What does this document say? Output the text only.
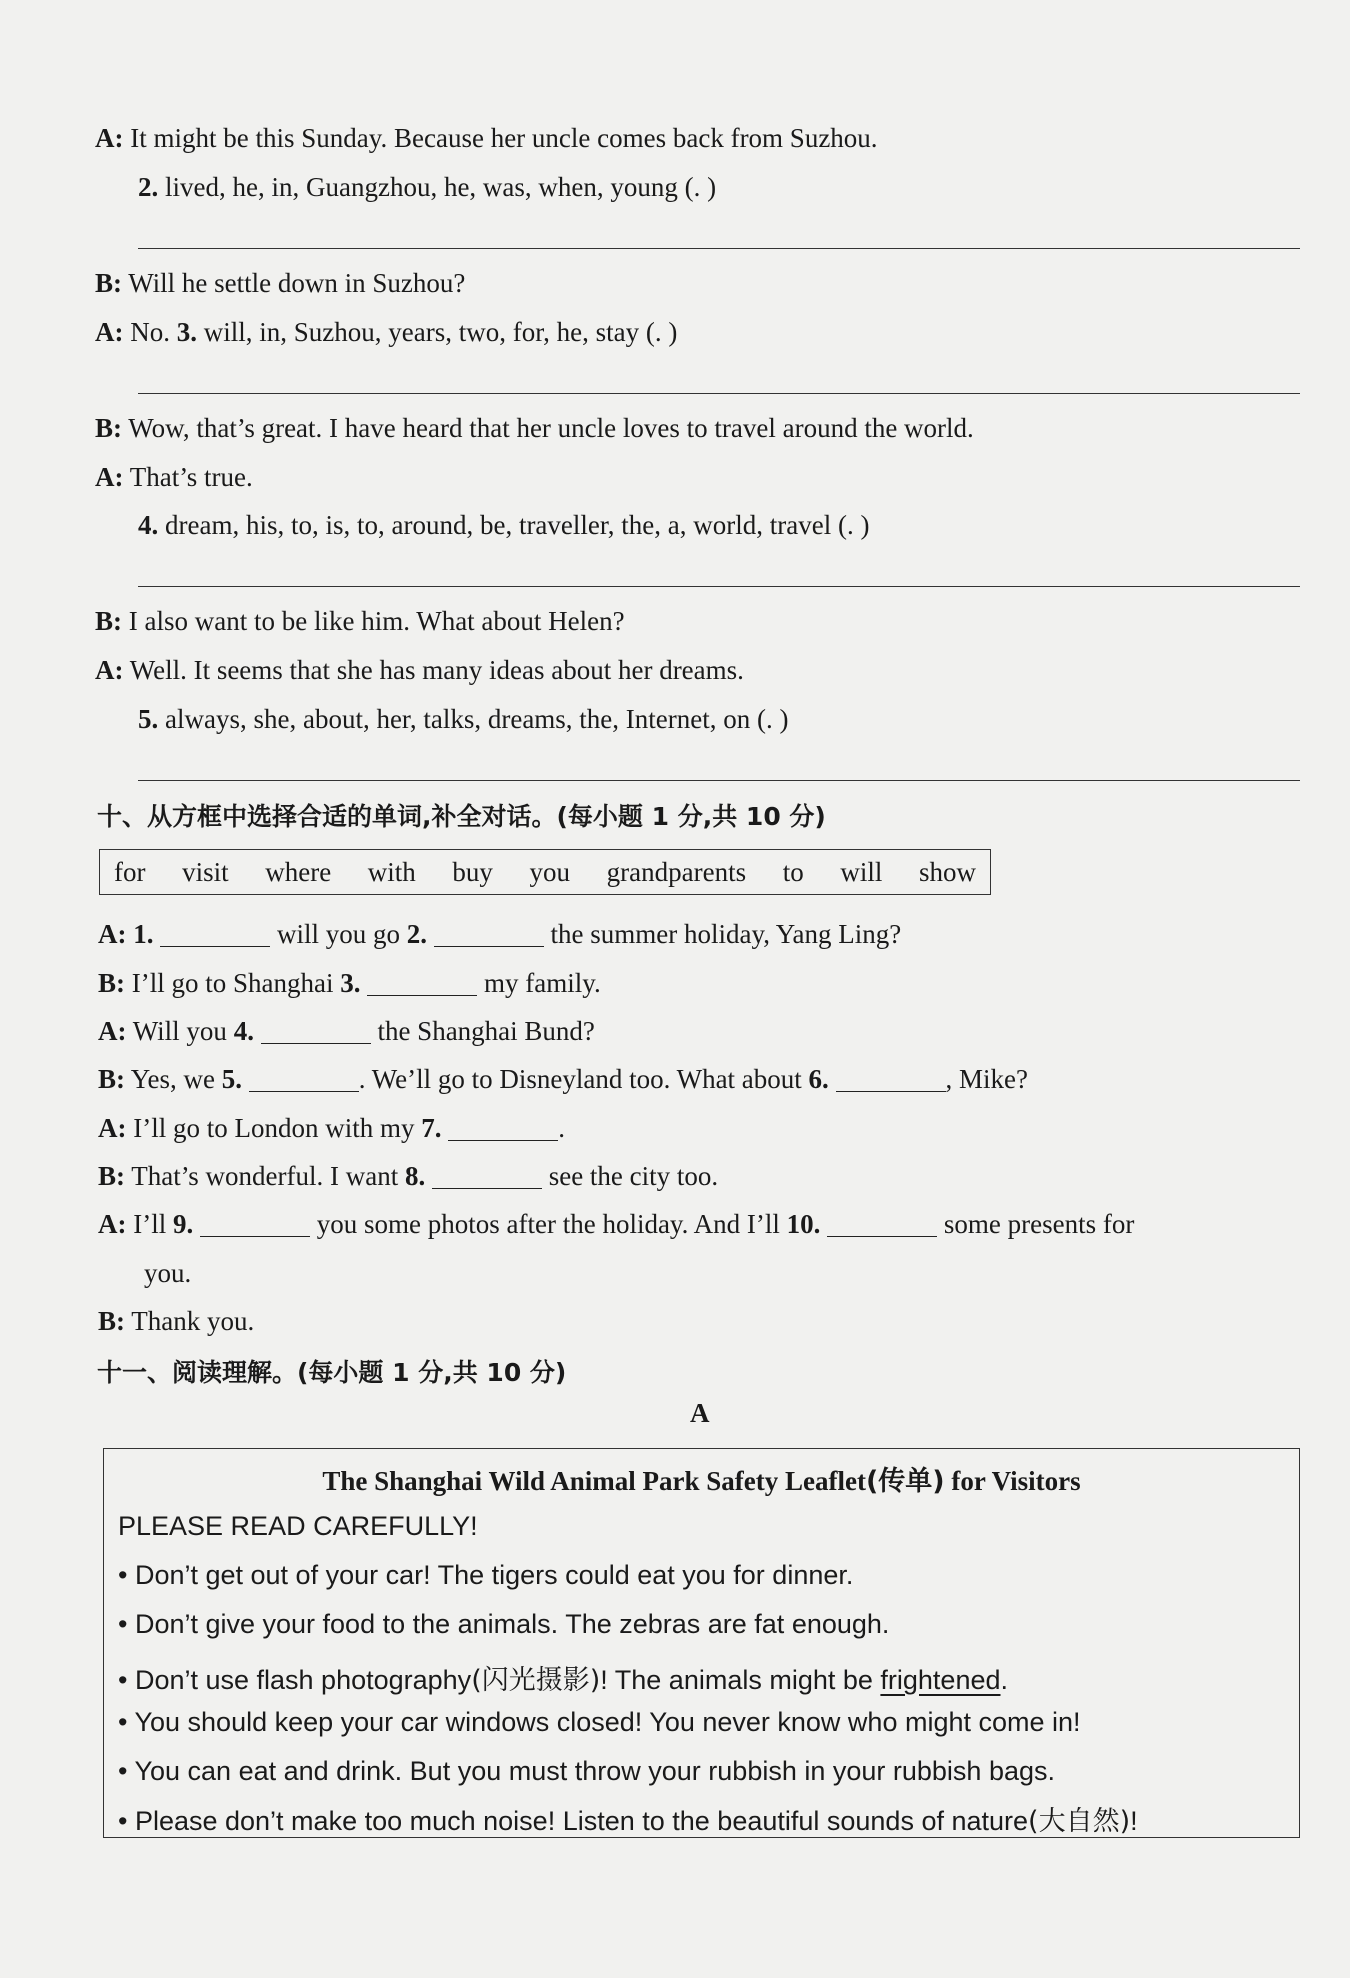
A: It might be this Sunday. Because her uncle comes back from Suzhou.
2. lived, he, in, Guangzhou, he, was, when, young (. )
B: Will he settle down in Suzhou?
A: No. 3. will, in, Suzhou, years, two, for, he, stay (. )
B: Wow, that’s great. I have heard that her uncle loves to travel around the world.
A: That’s true.
4. dream, his, to, is, to, around, be, traveller, the, a, world, travel (. )
B: I also want to be like him. What about Helen?
A: Well. It seems that she has many ideas about her dreams.
5. always, she, about, her, talks, dreams, the, Internet, on (. )
十、从方框中选择合适的单词,补全对话。(每小题 1 分,共 10 分)
for visit where with buy you grandparents to will show
A: 1.	will you go 2.	the summer holiday, Yang Ling?
B: I’ll go to Shanghai 3.	my family.
A: Will you 4.	the Shanghai Bund?
B: Yes, we 5.	. We’ll go to Disneyland too. What about 6.	, Mike?
A: I’ll go to London with my 7.	.
B: That’s wonderful. I want 8.	see the city too.
A: I’ll 9.	you some photos after the holiday. And I’ll 10.	some presents for
you.
B: Thank you.
十一、阅读理解。(每小题 1 分,共 10 分)
A
The Shanghai Wild Animal Park Safety Leaflet(传单) for Visitors
PLEASE READ CAREFULLY!
• Don’t get out of your car! The tigers could eat you for dinner.
• Don’t give your food to the animals. The zebras are fat enough.
• Don’t use flash photography(闪光摄影)! The animals might be frightened.
• You should keep your car windows closed! You never know who might come in!
• You can eat and drink. But you must throw your rubbish in your rubbish bags.
• Please don’t make too much noise! Listen to the beautiful sounds of nature(大自然)!
